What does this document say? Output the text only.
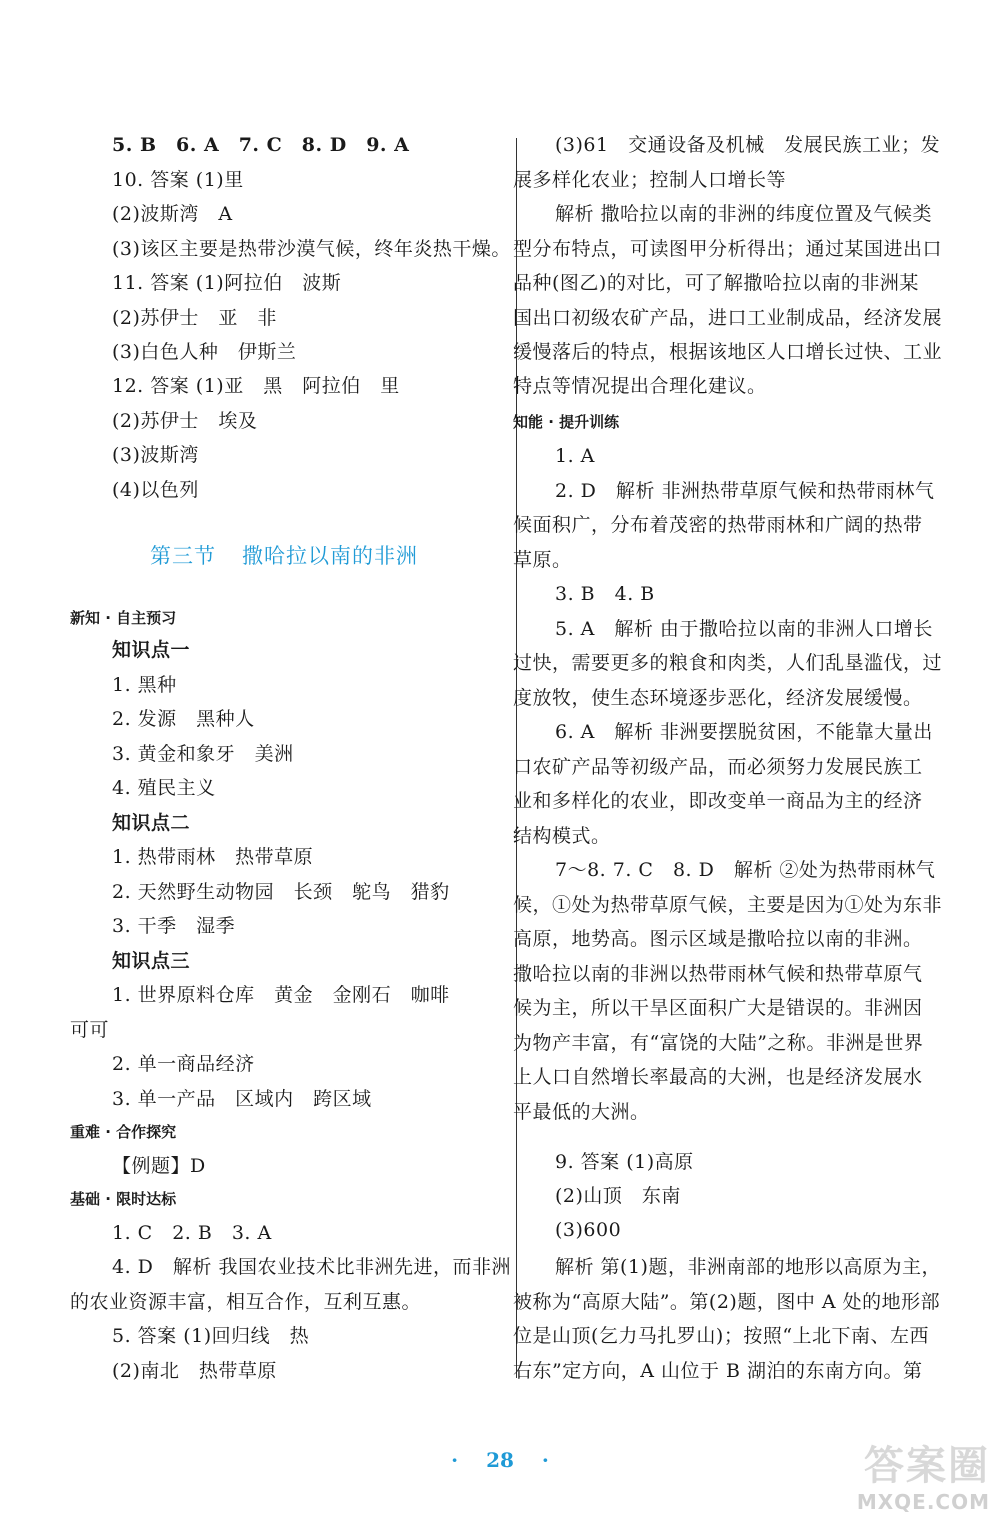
5. B　6. A　7. C　8. D　9. A
10. 答案 (1)里
(2)波斯湾　A
(3)该区主要是热带沙漠气候，终年炎热干燥。
11. 答案 (1)阿拉伯　波斯
(2)苏伊士　亚　非
(3)白色人种　伊斯兰
12. 答案 (1)亚　黑　阿拉伯　里
(2)苏伊士　埃及
(3)波斯湾
(4)以色列
第三节 撒哈拉以南的非洲
新知 · 自主预习
知识点一
1. 黑种
2. 发源　黑种人
3. 黄金和象牙　美洲
4. 殖民主义
知识点二
1. 热带雨林　热带草原
2. 天然野生动物园　长颈　鸵鸟　猎豹
3. 干季　湿季
知识点三
1. 世界原料仓库　黄金　金刚石　咖啡
可可
2. 单一商品经济
3. 单一产品　区域内　跨区域
重难 · 合作探究
【例题】D
基础 · 限时达标
1. C　2. B　3. A
4. D　解析 我国农业技术比非洲先进，而非洲
的农业资源丰富，相互合作，互利互惠。
5. 答案 (1)回归线　热
(2)南北　热带草原
(3)61　交通设备及机械　发展民族工业；发
展多样化农业；控制人口增长等
解析 撒哈拉以南的非洲的纬度位置及气候类
型分布特点，可读图甲分析得出；通过某国进出口
品种(图乙)的对比，可了解撒哈拉以南的非洲某
国出口初级农矿产品，进口工业制成品，经济发展
缓慢落后的特点，根据该地区人口增长过快、工业
特点等情况提出合理化建议。
知能 · 提升训练
1. A
2. D　解析 非洲热带草原气候和热带雨林气
候面积广，分布着茂密的热带雨林和广阔的热带
草原。
3. B　4. B
5. A　解析 由于撒哈拉以南的非洲人口增长
过快，需要更多的粮食和肉类，人们乱垦滥伐，过
度放牧，使生态环境逐步恶化，经济发展缓慢。
6. A　解析 非洲要摆脱贫困，不能靠大量出
口农矿产品等初级产品，而必须努力发展民族工
业和多样化的农业，即改变单一商品为主的经济
结构模式。
7～8. 7. C　8. D　解析 ②处为热带雨林气
候，①处为热带草原气候，主要是因为①处为东非
高原，地势高。图示区域是撒哈拉以南的非洲。
撒哈拉以南的非洲以热带雨林气候和热带草原气
候为主，所以干旱区面积广大是错误的。非洲因
为物产丰富，有“富饶的大陆”之称。非洲是世界
上人口自然增长率最高的大洲，也是经济发展水
平最低的大洲。
9. 答案 (1)高原
(2)山顶　东南
(3)600
解析 第(1)题，非洲南部的地形以高原为主，
被称为“高原大陆”。第(2)题，图中 A 处的地形部
位是山顶(乞力马扎罗山)；按照“上北下南、左西
右东”定方向，A 山位于 B 湖泊的东南方向。第
· 28 ·	答案圈
MXQE.COM
